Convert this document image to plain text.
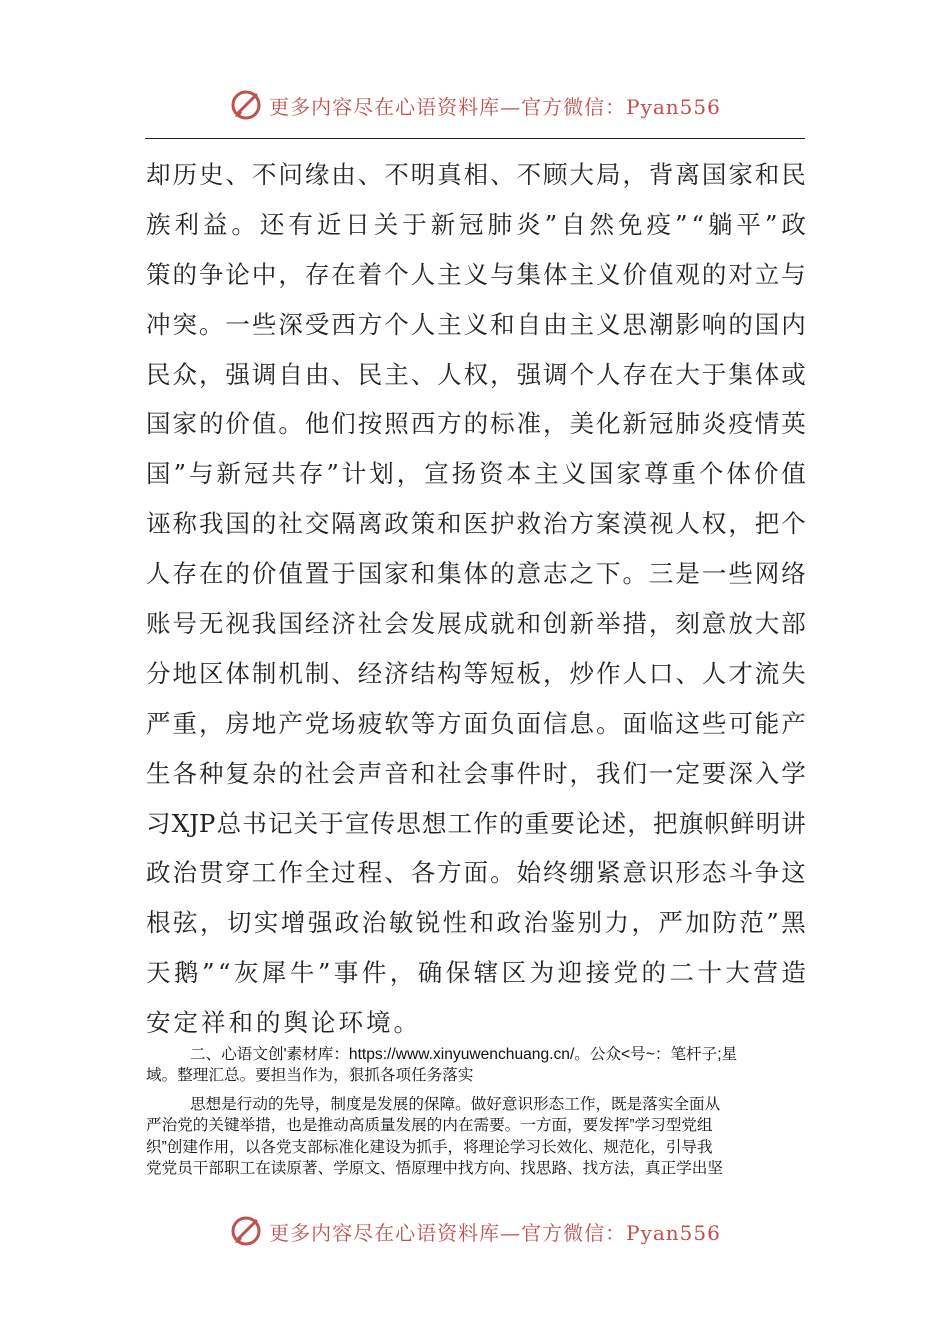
更多内容尽在心语资料库—官方微信：Pyan556
却 历 史 、 不 问 缘 由 、 不 明 真 相 、 不 顾 大 局 ， 背 离 国 家 和 民
族 利 益 。 还 有 近 日 关 于 新 冠 肺 炎 ” 自 然 免 疫 ” “ 躺 平 ” 政
策 的 争 论 中 ， 存 在 着 个 人 主 义 与 集 体 主 义 价 值 观 的 对 立 与
冲 突 。 一 些 深 受 西 方 个 人 主 义 和 自 由 主 义 思 潮 影 响 的 国 内
民 众 ， 强 调 自 由 、 民 主 、 人 权 ， 强 调 个 人 存 在 大 于 集 体 或
国 家 的 价 值 。 他 们 按 照 西 方 的 标 准 ， 美 化 新 冠 肺 炎 疫 情 英
国 ” 与 新 冠 共 存 ” 计 划 ， 宣 扬 资 本 主 义 国 家 尊 重 个 体 价 值
诬 称 我 国 的 社 交 隔 离 政 策 和 医 护 救 治 方 案 漠 视 人 权 ， 把 个
人 存 在 的 价 值 置 于 国 家 和 集 体 的 意 志 之 下 。 三 是 一 些 网 络
账 号 无 视 我 国 经 济 社 会 发 展 成 就 和 创 新 举 措 ， 刻 意 放 大 部
分 地 区 体 制 机 制 、 经 济 结 构 等 短 板 ， 炒 作 人 口 、 人 才 流 失
严 重 ， 房 地 产 党 场 疲 软 等 方 面 负 面 信 息 。 面 临 这 些 可 能 产
生 各 种 复 杂 的 社 会 声 音 和 社 会 事 件 时 ， 我 们 一 定 要 深 入 学
习 XJP 总 书 记 关 于 宣 传 思 想 工 作 的 重 要 论 述 ， 把 旗 帜 鲜 明 讲
政 治 贯 穿 工 作 全 过 程 、 各 方 面 。 始 终 绷 紧 意 识 形 态 斗 争 这
根 弦 ， 切 实 增 强 政 治 敏 锐 性 和 政 治 鉴 别 力 ， 严 加 防 范 ” 黑
天 鹅 ” “ 灰 犀 牛 ” 事 件 ， 确 保 辖 区 为 迎 接 党 的 二 十 大 营 造
安定祥和的舆论环境。
二、心语文创'素材库：https://www.xinyuwenchuang.cn/。公众<号~：笔杆子;星
域。整理汇总。要担当作为，狠抓各项任务落实
思想是行动的先导，制度是发展的保障。做好意识形态工作，既是落实全面从
严治党的关键举措，也是推动高质量发展的内在需要。一方面，要发挥”学习型党组
织”创建作用，以各党支部标准化建设为抓手，将理论学习长效化、规范化，引导我
党党员干部职工在读原著、学原文、悟原理中找方向、找思路、找方法，真正学出坚
更多内容尽在心语资料库—官方微信：Pyan556
